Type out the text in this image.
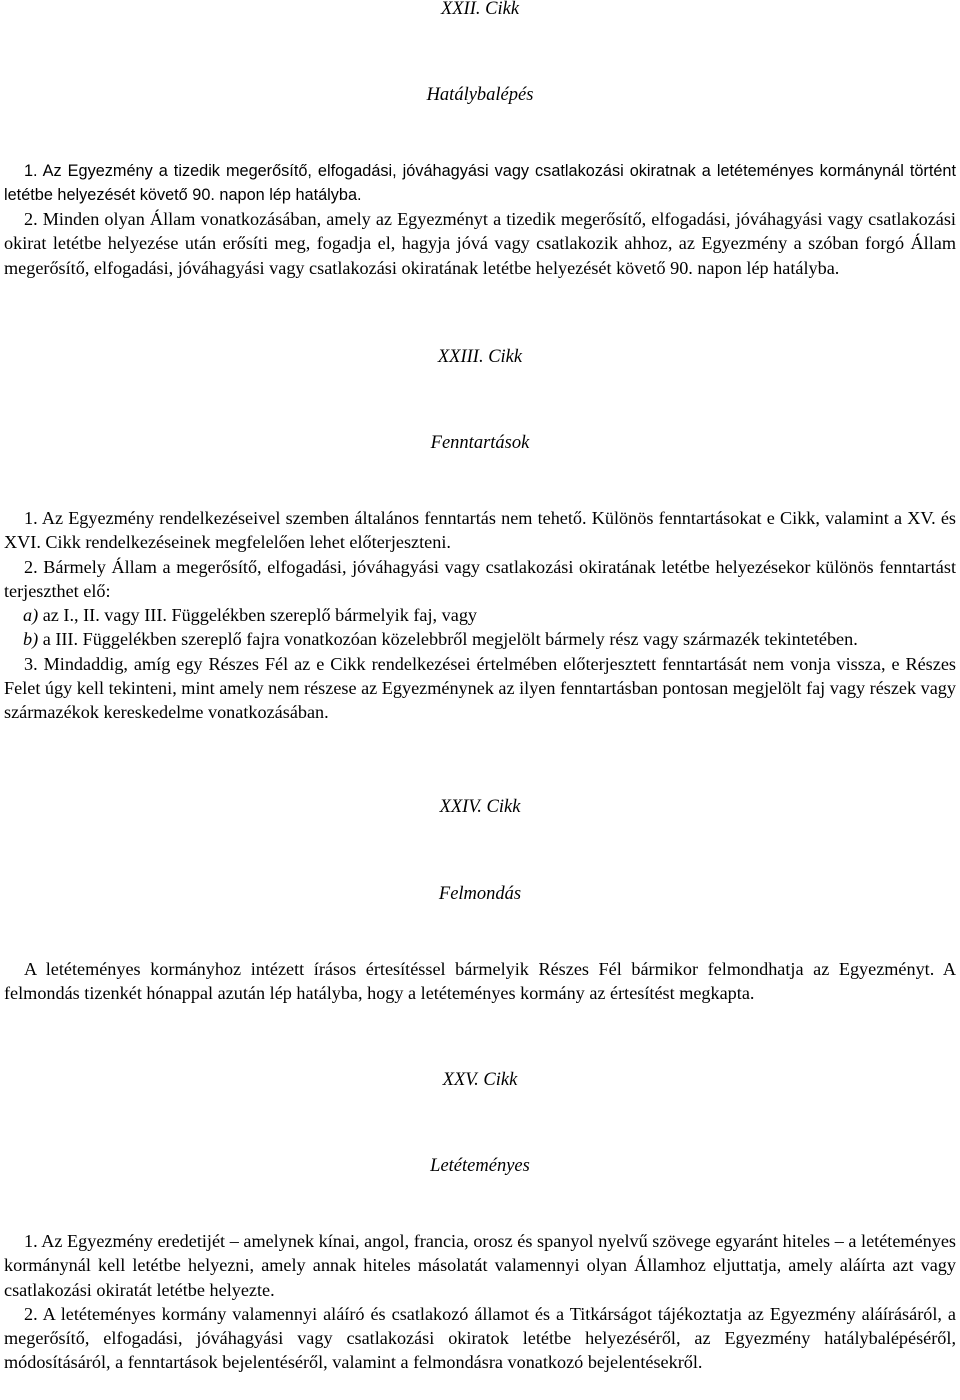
XXII. Cikk
Hatálybalépés

1. Az Egyezmény a tizedik megerősítő, elfogadási, jóváhagyási vagy csatlakozási okiratnak a letéteményes kormánynál történt letétbe helyezését követő 90. napon lép hatályba.

2. Minden olyan Állam vonatkozásában, amely az Egyezményt a tizedik megerősítő, elfogadási, jóváhagyási vagy csatlakozási okirat letétbe helyezése után erősíti meg, fogadja el, hagyja jóvá vagy csatlakozik ahhoz, az Egyezmény a szóban forgó Állam megerősítő, elfogadási, jóváhagyási vagy csatlakozási okiratának letétbe helyezését követő 90. napon lép hatályba.

XXIII. Cikk
Fenntartások

1. Az Egyezmény rendelkezéseivel szemben általános fenntartás nem tehető. Különös fenntartásokat e Cikk, valamint a XV. és XVI. Cikk rendelkezéseinek megfelelően lehet előterjeszteni.

2. Bármely Állam a megerősítő, elfogadási, jóváhagyási vagy csatlakozási okiratának letétbe helyezésekor különös fenntartást terjeszthet elő:

a) az I., II. vagy III. Függelékben szereplő bármelyik faj, vagy

b) a III. Függelékben szereplő fajra vonatkozóan közelebbről megjelölt bármely rész vagy származék tekintetében.

3. Mindaddig, amíg egy Részes Fél az e Cikk rendelkezései értelmében előterjesztett fenntartását nem vonja vissza, e Részes Felet úgy kell tekinteni, mint amely nem részese az Egyezménynek az ilyen fenntartásban pontosan megjelölt faj vagy részek vagy származékok kereskedelme vonatkozásában.

XXIV. Cikk
Felmondás

A letéteményes kormányhoz intézett írásos értesítéssel bármelyik Részes Fél bármikor felmondhatja az Egyezményt. A felmondás tizenkét hónappal azután lép hatályba, hogy a letéteményes kormány az értesítést megkapta.

XXV. Cikk
Letéteményes

1. Az Egyezmény eredetijét – amelynek kínai, angol, francia, orosz és spanyol nyelvű szövege egyaránt hiteles – a letéteményes kormánynál kell letétbe helyezni, amely annak hiteles másolatát valamennyi olyan Államhoz eljuttatja, amely aláírta azt vagy csatlakozási okiratát letétbe helyezte.

2. A letéteményes kormány valamennyi aláíró és csatlakozó államot és a Titkárságot tájékoztatja az Egyezmény aláírásáról, a megerősítő, elfogadási, jóváhagyási vagy csatlakozási okiratok letétbe helyezéséről, az Egyezmény hatálybalépéséről, módosításáról, a fenntartások bejelentéséről, valamint a felmondásra vonatkozó bejelentésekről.
